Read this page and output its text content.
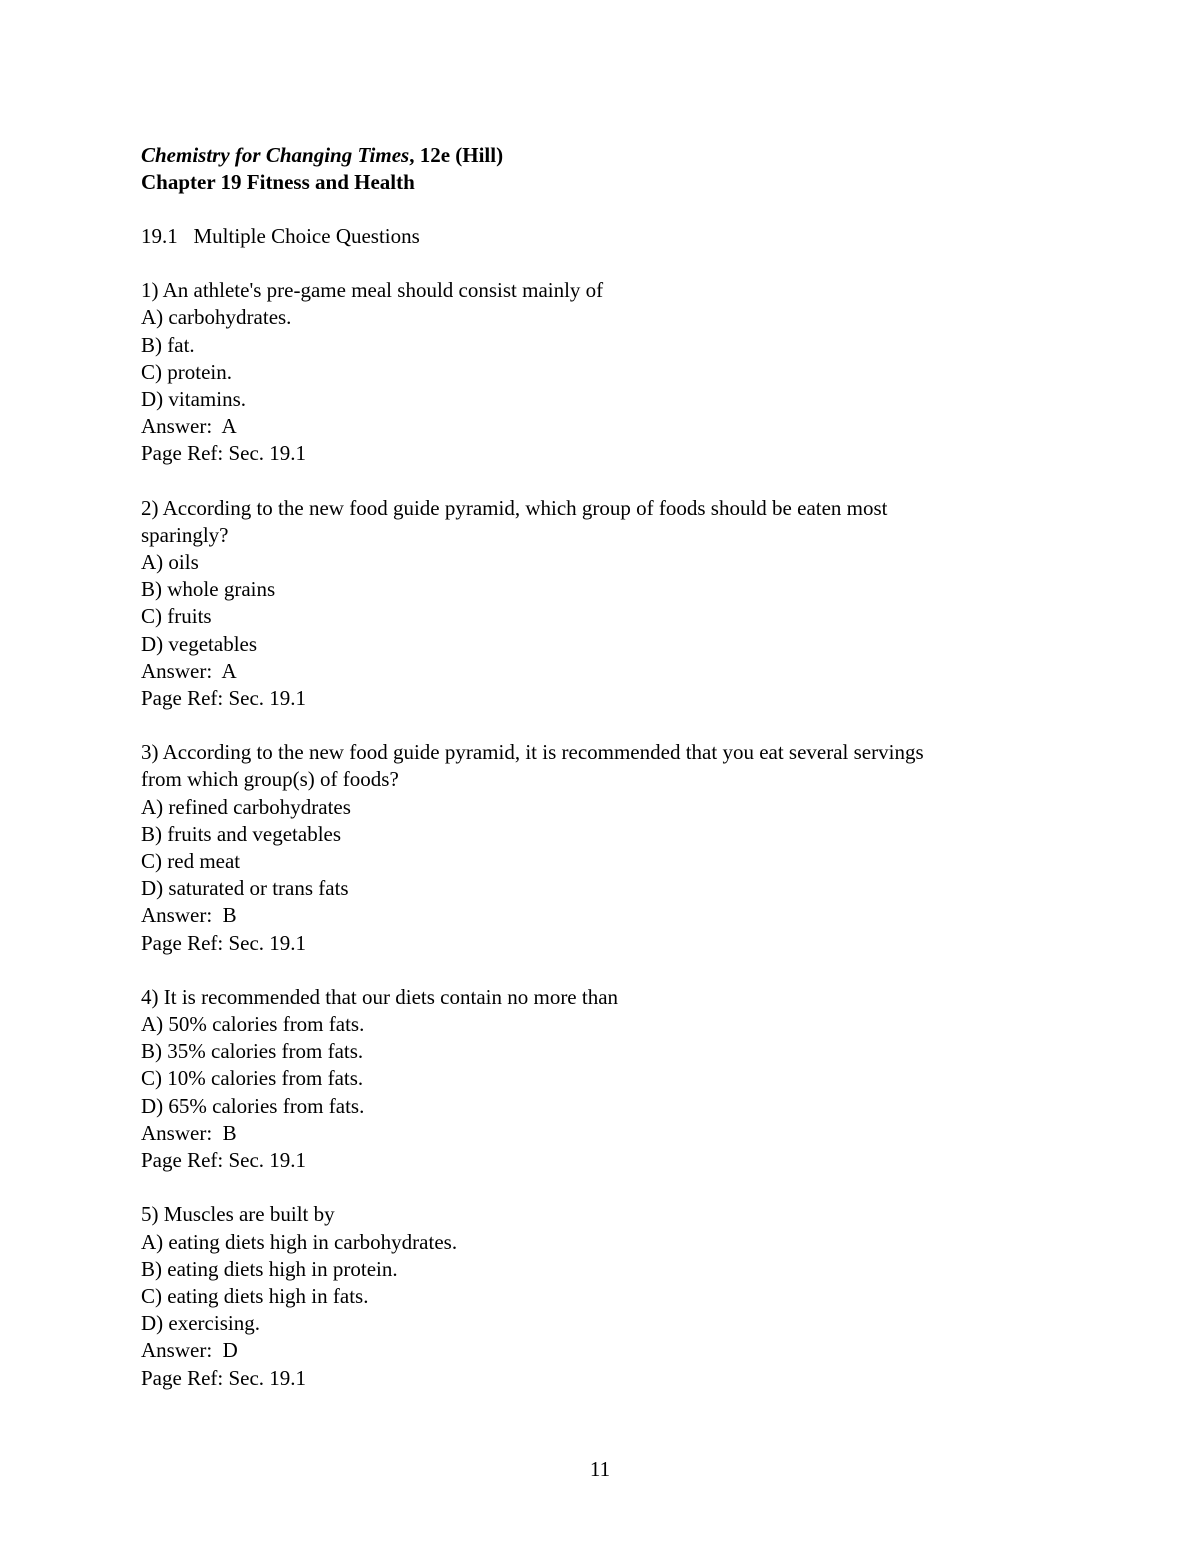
Chemistry for Changing Times, 12e (Hill)
Chapter 19 Fitness and Health
19.1   Multiple Choice Questions
1) An athlete's pre-game meal should consist mainly of
A) carbohydrates.
B) fat.
C) protein.
D) vitamins.
Answer:  A
Page Ref: Sec. 19.1
2) According to the new food guide pyramid, which group of foods should be eaten most
sparingly?
A) oils
B) whole grains
C) fruits
D) vegetables
Answer:  A
Page Ref: Sec. 19.1
3) According to the new food guide pyramid, it is recommended that you eat several servings
from which group(s) of foods?
A) refined carbohydrates
B) fruits and vegetables
C) red meat
D) saturated or trans fats
Answer:  B
Page Ref: Sec. 19.1
4) It is recommended that our diets contain no more than
A) 50% calories from fats.
B) 35% calories from fats.
C) 10% calories from fats.
D) 65% calories from fats.
Answer:  B
Page Ref: Sec. 19.1
5) Muscles are built by
A) eating diets high in carbohydrates.
B) eating diets high in protein.
C) eating diets high in fats.
D) exercising.
Answer:  D
Page Ref: Sec. 19.1
11
